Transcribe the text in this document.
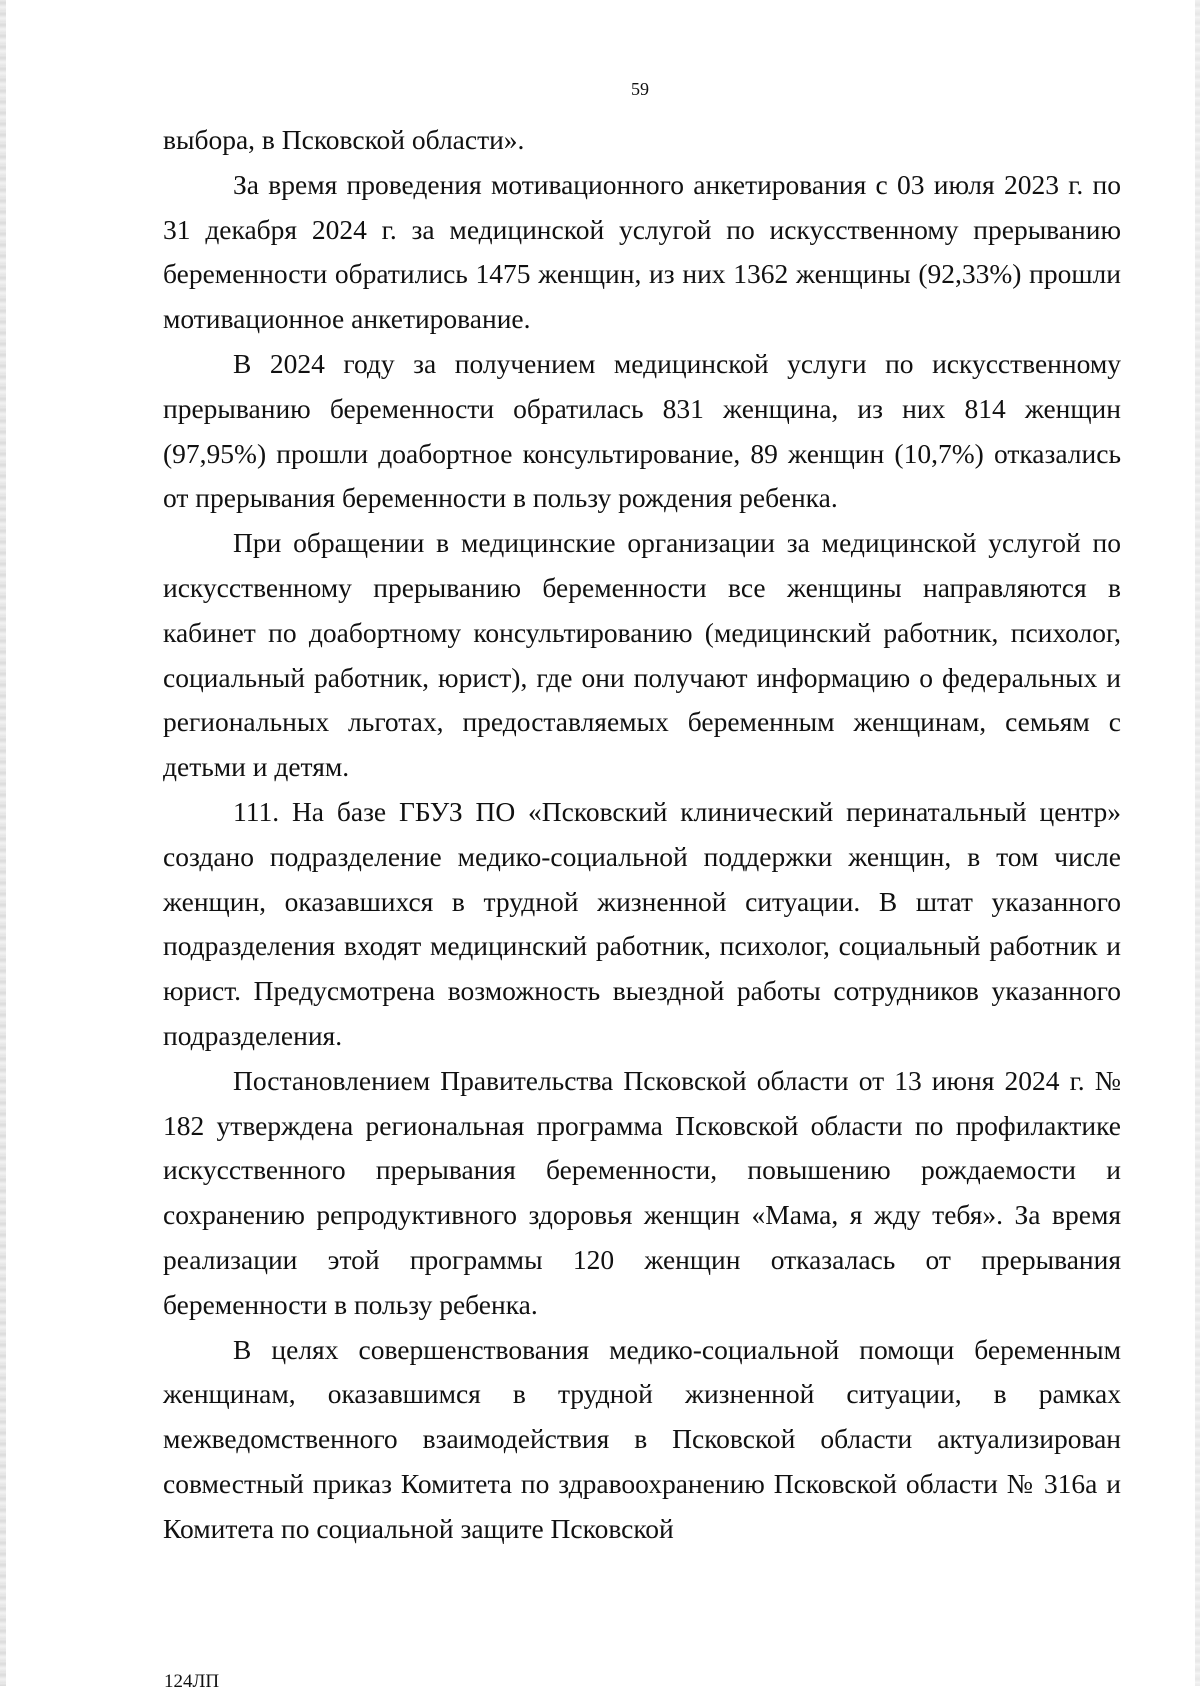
59

выбора, в Псковской области».

За время проведения мотивационного анкетирования с 03 июля 2023 г. по 31 декабря 2024 г. за медицинской услугой по искусственному прерыванию беременности обратились 1475 женщин, из них 1362 женщины (92,33%) прошли мотивационное анкетирование.

В 2024 году за получением медицинской услуги по искусственному прерыванию беременности обратилась 831 женщина, из них 814 женщин (97,95%) прошли доабортное консультирование, 89 женщин (10,7%) отказались от прерывания беременности в пользу рождения ребенка.

При обращении в медицинские организации за медицинской услугой по искусственному прерыванию беременности все женщины направляются в кабинет по доабортному консультированию (медицинский работник, психолог, социальный работник, юрист), где они получают информацию о федеральных и региональных льготах, предоставляемых беременным женщинам, семьям с детьми и детям.

111. На базе ГБУЗ ПО «Псковский клинический перинатальный центр» создано подразделение медико-социальной поддержки женщин, в том числе женщин, оказавшихся в трудной жизненной ситуации. В штат указанного подразделения входят медицинский работник, психолог, социальный работник и юрист. Предусмотрена возможность выездной работы сотрудников указанного подразделения.

Постановлением Правительства Псковской области от 13 июня 2024 г. № 182 утверждена региональная программа Псковской области по профилактике искусственного прерывания беременности, повышению рождаемости и сохранению репродуктивного здоровья женщин «Мама, я жду тебя». За время реализации этой программы 120 женщин отказалась от прерывания беременности в пользу ребенка.

В целях совершенствования медико-социальной помощи беременным женщинам, оказавшимся в трудной жизненной ситуации, в рамках межведомственного взаимодействия в Псковской области актуализирован совместный приказ Комитета по здравоохранению Псковской области № 316а и Комитета по социальной защите Псковской

124ЛП
